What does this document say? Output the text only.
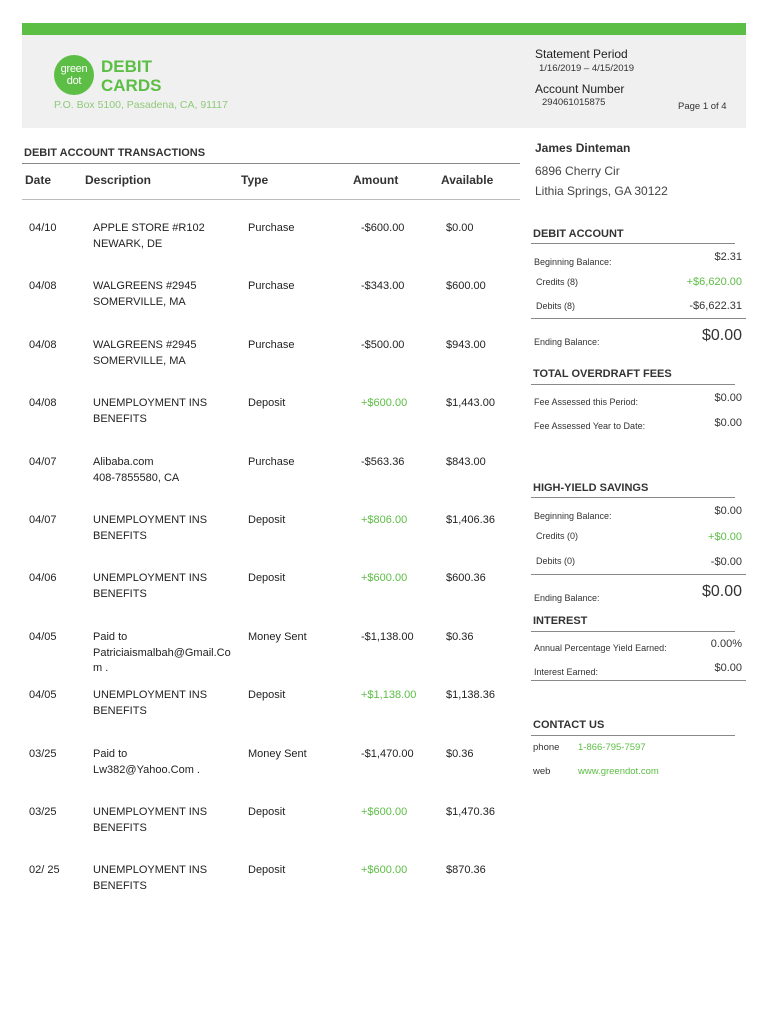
green
dot
DEBIT
CARDS
P.O. Box 5100, Pasadena, CA, 91117
Statement Period
1/16/2019 – 4/15/2019
Account Number
294061015875	Page 1 of 4
DEBIT ACCOUNT TRANSACTIONS
Date	Description	Type	Amount	Available
04/10	APPLE STORE #R102
NEWARK, DE
Purchase	-$600.00	$0.00
04/08	WALGREENS #2945
SOMERVILLE, MA
Purchase	-$343.00	$600.00
04/08	WALGREENS #2945
SOMERVILLE, MA
Purchase	-$500.00	$943.00
04/08	UNEMPLOYMENT INS
BENEFITS
Deposit	+$600.00	$1,443.00
04/07	Alibaba.com
408-7855580, CA
Purchase	-$563.36	$843.00
04/07	UNEMPLOYMENT INS
BENEFITS
Deposit	+$806.00	$1,406.36
04/06	UNEMPLOYMENT INS
BENEFITS
Deposit	+$600.00	$600.36
04/05	Paid to
Patriciaismalbah@Gmail.Co
m .
Money Sent	-$1,138.00	$0.36
04/05	UNEMPLOYMENT INS
BENEFITS
Deposit	+$1,138.00	$1,138.36
03/25	Paid to
Lw382@Yahoo.Com .
Money Sent	-$1,470.00	$0.36
03/25	UNEMPLOYMENT INS
BENEFITS
Deposit	+$600.00	$1,470.36
02/ 25	UNEMPLOYMENT INS
BENEFITS
Deposit	+$600.00	$870.36
James Dinteman
6896 Cherry Cir
Lithia Springs, GA 30122
DEBIT ACCOUNT
Beginning Balance:	$2.31
Credits (8)	+$6,620.00
Debits (8)	-$6,622.31
Ending Balance:	$0.00
TOTAL OVERDRAFT FEES
Fee Assessed this Period:	$0.00
Fee Assessed Year to Date:	$0.00
HIGH-YIELD SAVINGS
Beginning Balance:	$0.00
Credits (0)	+$0.00
Debits (0)	-$0.00
Ending Balance:	$0.00
INTEREST
Annual Percentage Yield Earned:	0.00%
Interest Earned:	$0.00
CONTACT US
phone 1-866-795-7597
web	www.greendot.com
